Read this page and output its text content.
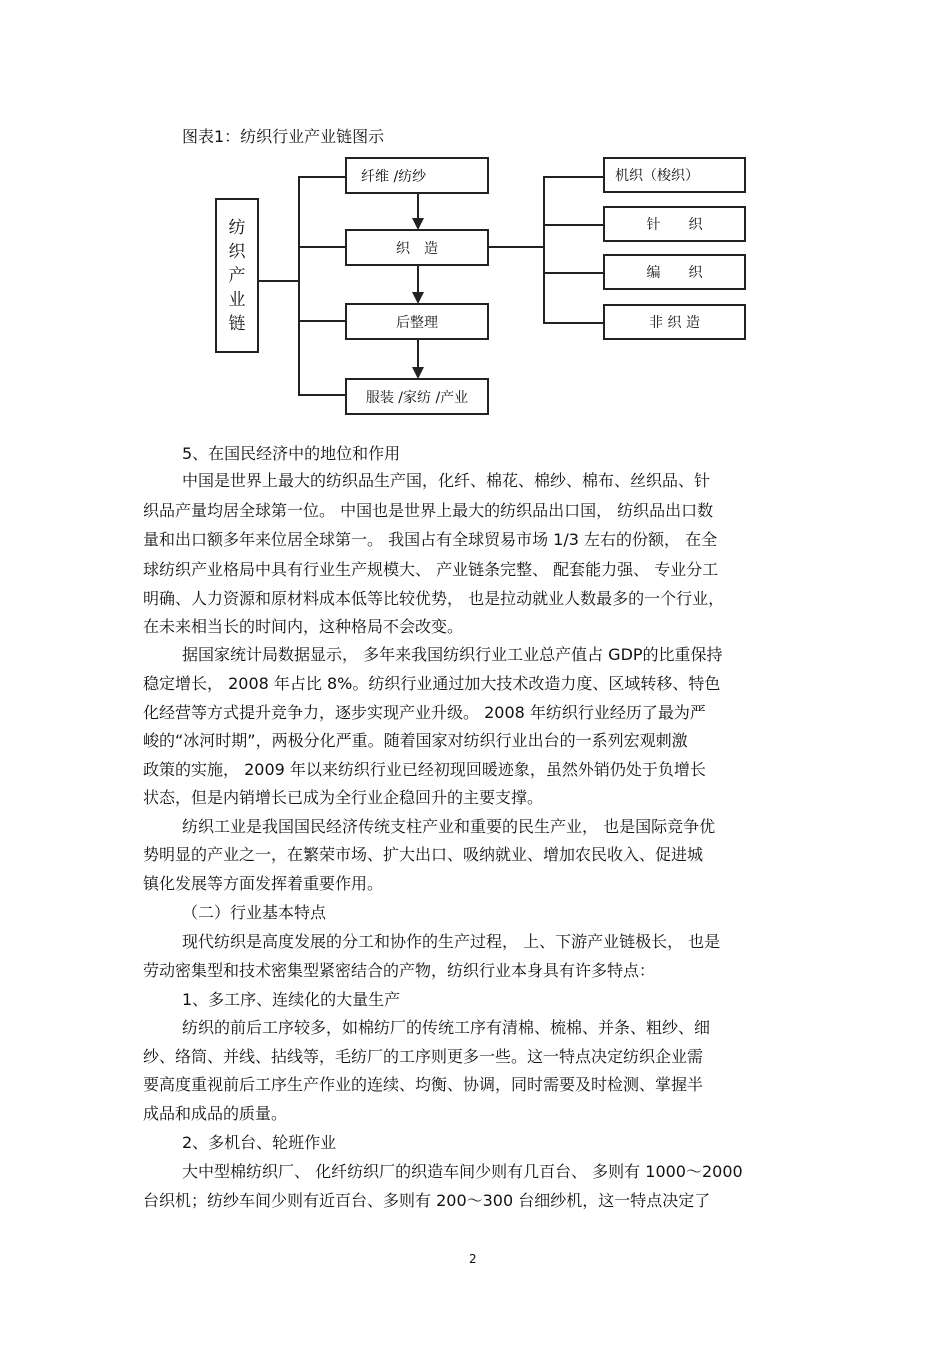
图表1：纺织行业产业链图示
纺
织
产
业
链
纤维 /纺纱
织　造
后整理
服装 /家纺 /产业
机织（梭织）
针　　织
编　　织
非 织 造
5、在国民经济中的地位和作用
中国是世界上最大的纺织品生产国，化纤、棉花、棉纱、棉布、丝织品、针
织品产量均居全球第一位。 中国也是世界上最大的纺织品出口国， 纺织品出口数
量和出口额多年来位居全球第一。 我国占有全球贸易市场 1/3 左右的份额， 在全
球纺织产业格局中具有行业生产规模大、 产业链条完整、 配套能力强、 专业分工
明确、人力资源和原材料成本低等比较优势， 也是拉动就业人数最多的一个行业，
在未来相当长的时间内，这种格局不会改变。
据国家统计局数据显示， 多年来我国纺织行业工业总产值占 GDP的比重保持
稳定增长， 2008 年占比 8%。纺织行业通过加大技术改造力度、区域转移、特色
化经营等方式提升竞争力，逐步实现产业升级。 2008 年纺织行业经历了最为严
峻的“冰河时期”，两极分化严重。随着国家对纺织行业出台的一系列宏观刺激
政策的实施， 2009 年以来纺织行业已经初现回暖迹象，虽然外销仍处于负增长
状态，但是内销增长已成为全行业企稳回升的主要支撑。
纺织工业是我国国民经济传统支柱产业和重要的民生产业， 也是国际竞争优
势明显的产业之一，在繁荣市场、扩大出口、吸纳就业、增加农民收入、促进城
镇化发展等方面发挥着重要作用。
（二）行业基本特点
现代纺织是高度发展的分工和协作的生产过程， 上、下游产业链极长， 也是
劳动密集型和技术密集型紧密结合的产物，纺织行业本身具有许多特点：
1、多工序、连续化的大量生产
纺织的前后工序较多，如棉纺厂的传统工序有清棉、梳棉、并条、粗纱、细
纱、络筒、并线、拈线等，毛纺厂的工序则更多一些。这一特点决定纺织企业需
要高度重视前后工序生产作业的连续、均衡、协调，同时需要及时检测、掌握半
成品和成品的质量。
2、多机台、轮班作业
大中型棉纺织厂、 化纤纺织厂的织造车间少则有几百台、 多则有 1000～2000
台织机；纺纱车间少则有近百台、多则有 200～300 台细纱机，这一特点决定了
2
